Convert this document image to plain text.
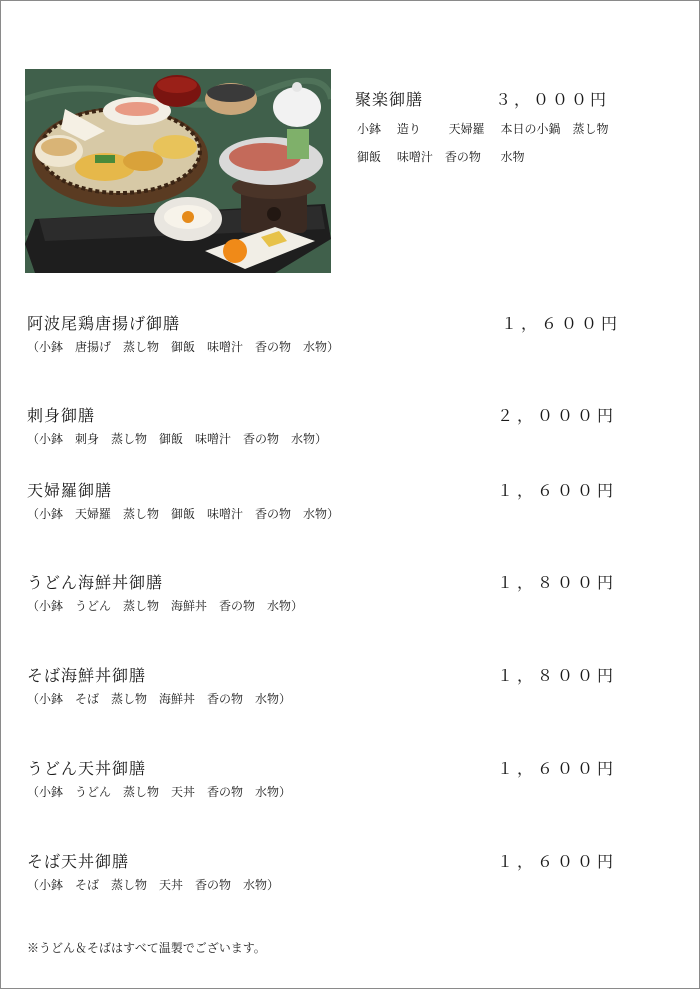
聚楽御膳	３，０００円
小鉢　 造り　　 天婦羅　 本日の小鍋　蒸し物
御飯　 味噌汁　香の物　  水物
阿波尾鶏唐揚げ御膳	１，６００円
（小鉢　唐揚げ　蒸し物　御飯　味噌汁　香の物　水物）
刺身御膳	２，０００円
（小鉢　刺身　蒸し物　御飯　味噌汁　香の物　水物）
天婦羅御膳	１，６００円
（小鉢　天婦羅　蒸し物　御飯　味噌汁　香の物　水物）
うどん海鮮丼御膳	１，８００円
（小鉢　うどん　蒸し物　海鮮丼　香の物　水物）
そば海鮮丼御膳	１，８００円
（小鉢　そば　蒸し物　海鮮丼　香の物　水物）
うどん天丼御膳	１，６００円
（小鉢　うどん　蒸し物　天丼　香の物　水物）
そば天丼御膳	１，６００円
（小鉢　そば　蒸し物　天丼　香の物　水物）
※うどん＆そばはすべて温製でございます。
